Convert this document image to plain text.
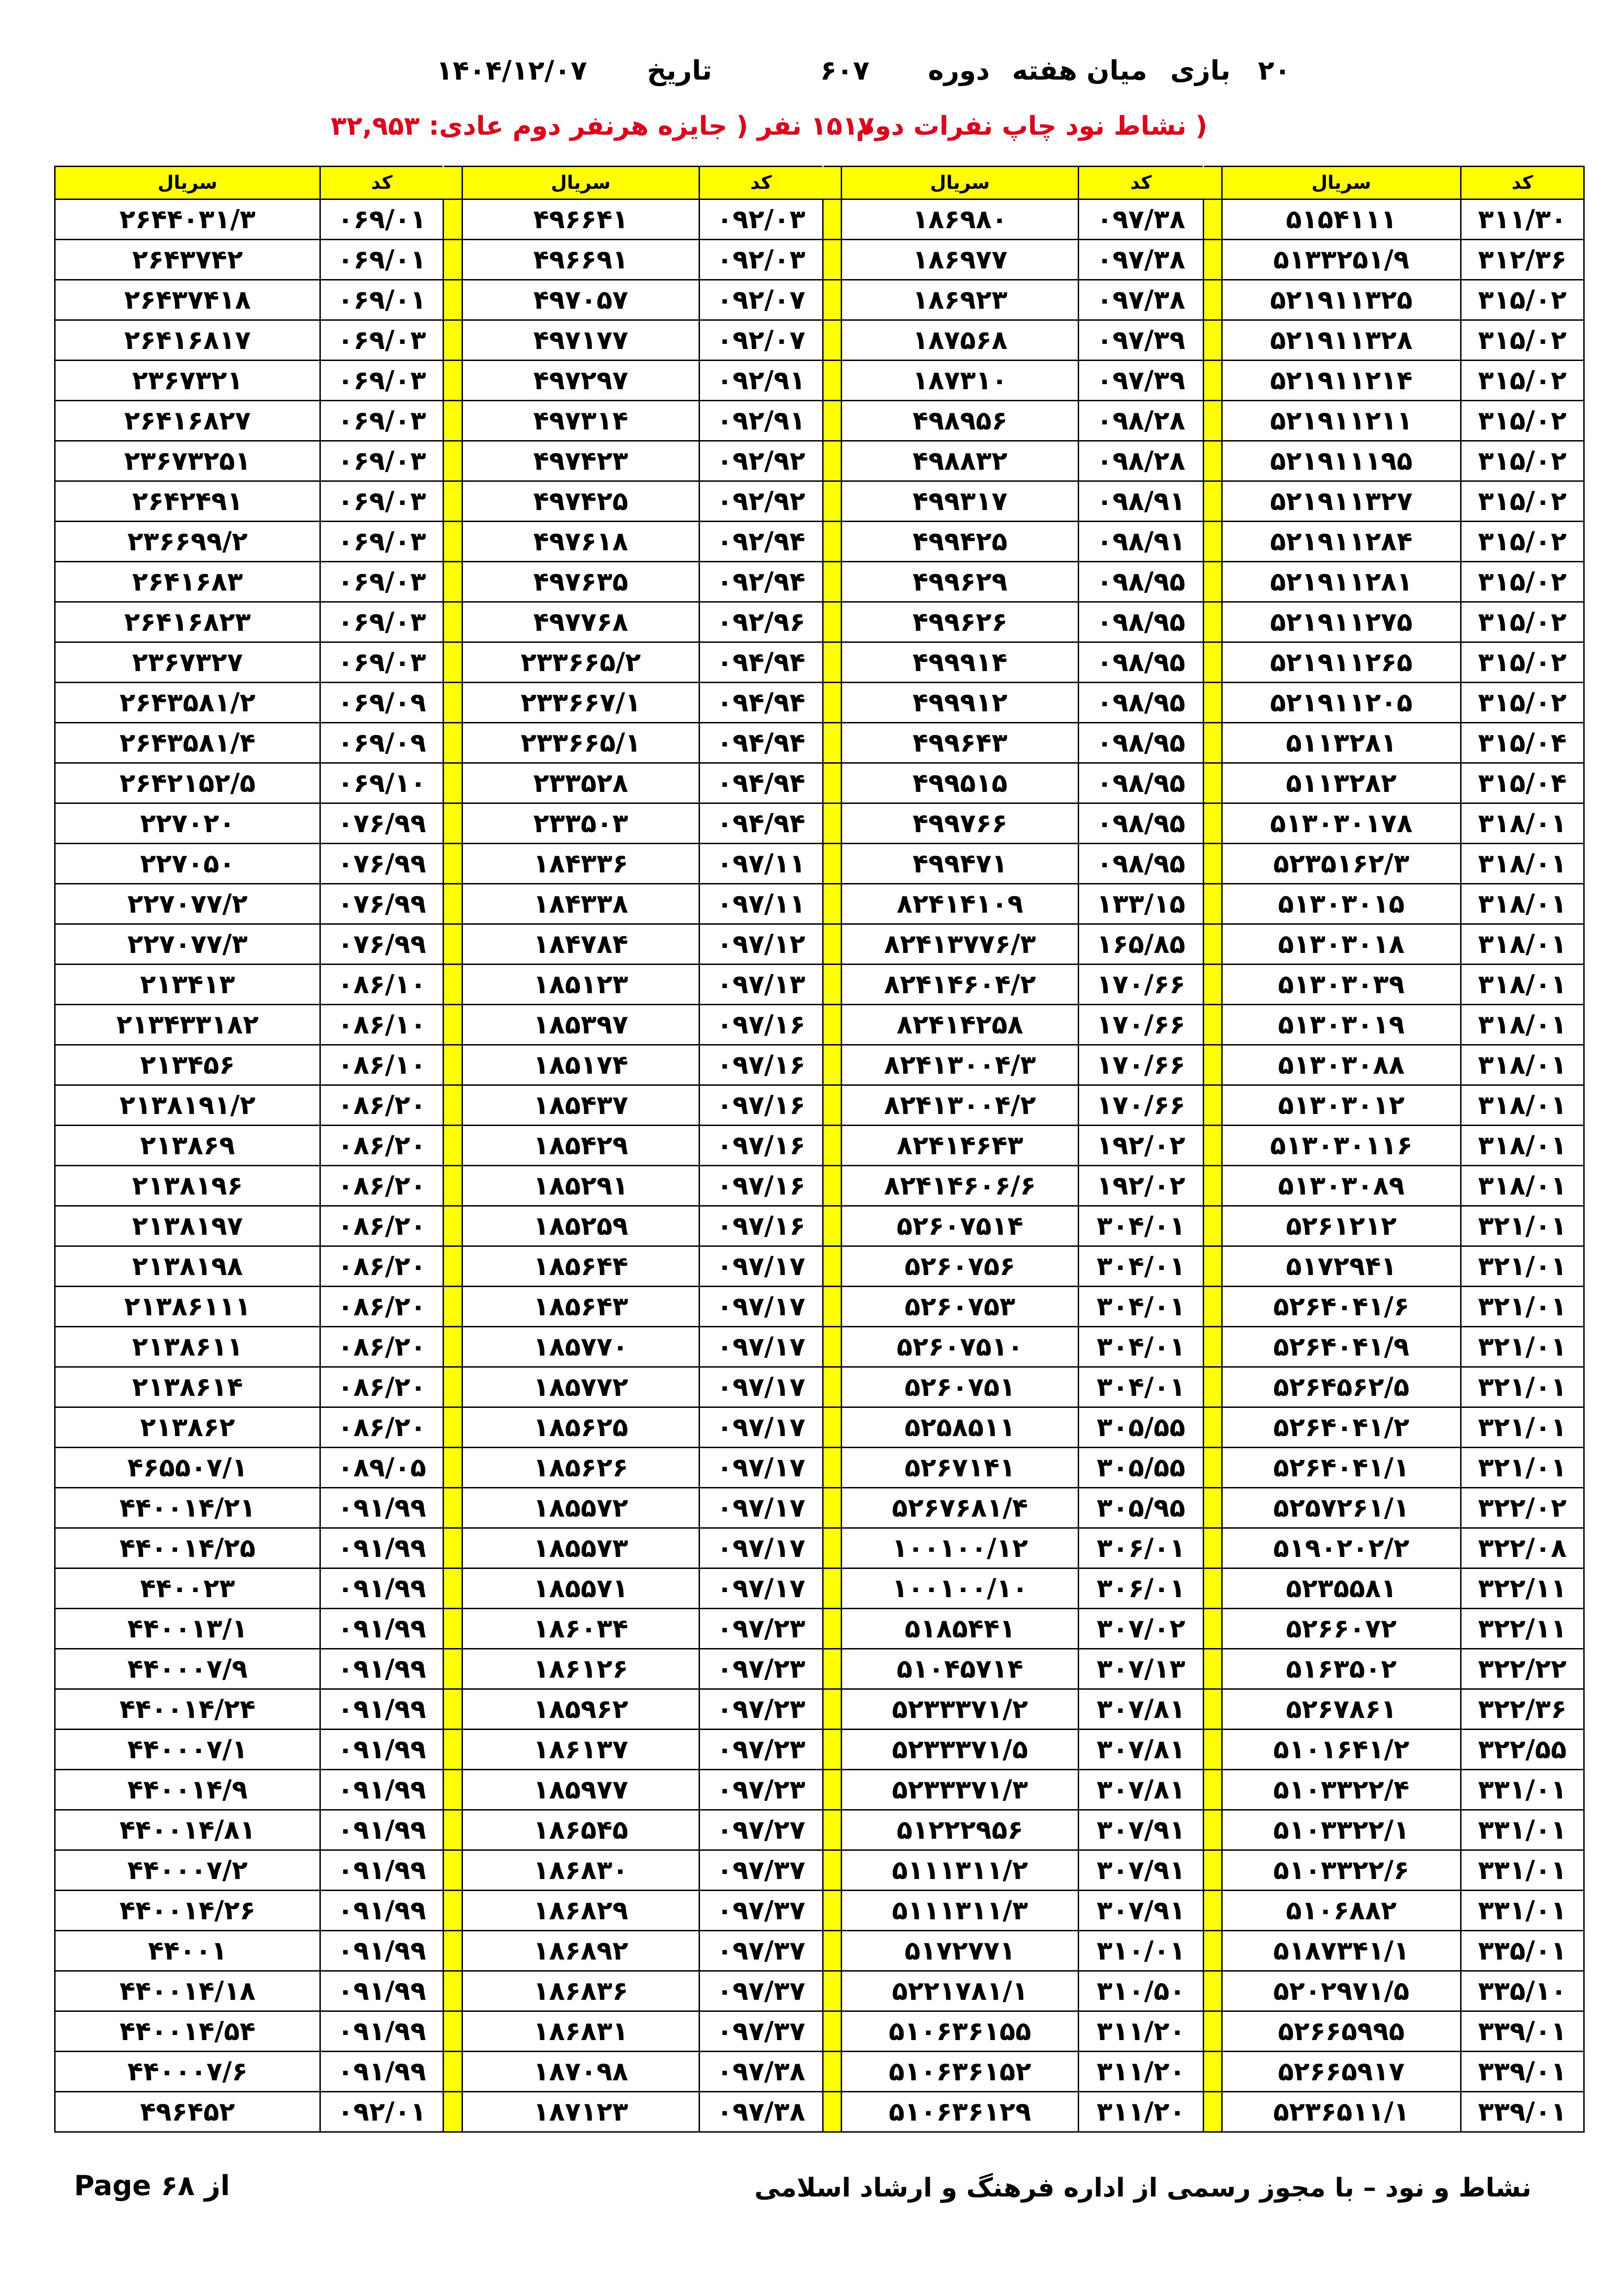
۲۰
بازی
میان هفته
دوره
۶۰۷
تاریخ
۱۴۰۴/۱۲/۰۷
( نشاط نود چاپ نفرات دوم
۱۵۱۷ نفر ( جایزه هرنفر دوم عادی: ۳۲,۹۵۳
کد	سریال		کد	سریال		کد	سریال		کد	سریال
۳۱۱/۳۰	۵۱۵۴۱۱۱		۰۹۷/۳۸	۱۸۶۹۸۰		۰۹۲/۰۳	۴۹۶۶۴۱		۰۶۹/۰۱	۲۶۴۴۰۳۱/۳
۳۱۲/۳۶	۵۱۳۳۲۵۱/۹		۰۹۷/۳۸	۱۸۶۹۷۷		۰۹۲/۰۳	۴۹۶۶۹۱		۰۶۹/۰۱	۲۶۴۳۷۴۲
۳۱۵/۰۲	۵۲۱۹۱۱۳۲۵		۰۹۷/۳۸	۱۸۶۹۲۳		۰۹۲/۰۷	۴۹۷۰۵۷		۰۶۹/۰۱	۲۶۴۳۷۴۱۸
۳۱۵/۰۲	۵۲۱۹۱۱۳۲۸		۰۹۷/۳۹	۱۸۷۵۶۸		۰۹۲/۰۷	۴۹۷۱۷۷		۰۶۹/۰۳	۲۶۴۱۶۸۱۷
۳۱۵/۰۲	۵۲۱۹۱۱۲۱۴		۰۹۷/۳۹	۱۸۷۳۱۰		۰۹۲/۹۱	۴۹۷۲۹۷		۰۶۹/۰۳	۲۳۶۷۳۲۱
۳۱۵/۰۲	۵۲۱۹۱۱۲۱۱		۰۹۸/۲۸	۴۹۸۹۵۶		۰۹۲/۹۱	۴۹۷۳۱۴		۰۶۹/۰۳	۲۶۴۱۶۸۲۷
۳۱۵/۰۲	۵۲۱۹۱۱۱۹۵		۰۹۸/۲۸	۴۹۸۸۳۲		۰۹۲/۹۲	۴۹۷۴۲۳		۰۶۹/۰۳	۲۳۶۷۳۲۵۱
۳۱۵/۰۲	۵۲۱۹۱۱۳۲۷		۰۹۸/۹۱	۴۹۹۳۱۷		۰۹۲/۹۲	۴۹۷۴۲۵		۰۶۹/۰۳	۲۶۴۲۴۹۱
۳۱۵/۰۲	۵۲۱۹۱۱۲۸۴		۰۹۸/۹۱	۴۹۹۴۲۵		۰۹۲/۹۴	۴۹۷۶۱۸		۰۶۹/۰۳	۲۳۶۶۹۹/۲
۳۱۵/۰۲	۵۲۱۹۱۱۲۸۱		۰۹۸/۹۵	۴۹۹۶۲۹		۰۹۲/۹۴	۴۹۷۶۳۵		۰۶۹/۰۳	۲۶۴۱۶۸۳
۳۱۵/۰۲	۵۲۱۹۱۱۲۷۵		۰۹۸/۹۵	۴۹۹۶۲۶		۰۹۲/۹۶	۴۹۷۷۶۸		۰۶۹/۰۳	۲۶۴۱۶۸۲۳
۳۱۵/۰۲	۵۲۱۹۱۱۲۶۵		۰۹۸/۹۵	۴۹۹۹۱۴		۰۹۴/۹۴	۲۳۳۶۶۵/۲		۰۶۹/۰۳	۲۳۶۷۳۲۷
۳۱۵/۰۲	۵۲۱۹۱۱۲۰۵		۰۹۸/۹۵	۴۹۹۹۱۲		۰۹۴/۹۴	۲۳۳۶۶۷/۱		۰۶۹/۰۹	۲۶۴۳۵۸۱/۲
۳۱۵/۰۴	۵۱۱۳۲۸۱		۰۹۸/۹۵	۴۹۹۶۴۳		۰۹۴/۹۴	۲۳۳۶۶۵/۱		۰۶۹/۰۹	۲۶۴۳۵۸۱/۴
۳۱۵/۰۴	۵۱۱۳۲۸۲		۰۹۸/۹۵	۴۹۹۵۱۵		۰۹۴/۹۴	۲۳۳۵۲۸		۰۶۹/۱۰	۲۶۴۲۱۵۲/۵
۳۱۸/۰۱	۵۱۳۰۳۰۱۷۸		۰۹۸/۹۵	۴۹۹۷۶۶		۰۹۴/۹۴	۲۳۳۵۰۳		۰۷۶/۹۹	۲۲۷۰۲۰
۳۱۸/۰۱	۵۲۳۵۱۶۲/۳		۰۹۸/۹۵	۴۹۹۴۷۱		۰۹۷/۱۱	۱۸۴۳۳۶		۰۷۶/۹۹	۲۲۷۰۵۰
۳۱۸/۰۱	۵۱۳۰۳۰۱۵		۱۳۳/۱۵	۸۲۴۱۴۱۰۹		۰۹۷/۱۱	۱۸۴۳۳۸		۰۷۶/۹۹	۲۲۷۰۷۷/۲
۳۱۸/۰۱	۵۱۳۰۳۰۱۸		۱۶۵/۸۵	۸۲۴۱۳۷۷۶/۳		۰۹۷/۱۲	۱۸۴۷۸۴		۰۷۶/۹۹	۲۲۷۰۷۷/۳
۳۱۸/۰۱	۵۱۳۰۳۰۳۹		۱۷۰/۶۶	۸۲۴۱۴۶۰۴/۲		۰۹۷/۱۳	۱۸۵۱۲۳		۰۸۶/۱۰	۲۱۳۴۱۳
۳۱۸/۰۱	۵۱۳۰۳۰۱۹		۱۷۰/۶۶	۸۲۴۱۴۲۵۸		۰۹۷/۱۶	۱۸۵۳۹۷		۰۸۶/۱۰	۲۱۳۴۳۳۱۸۲
۳۱۸/۰۱	۵۱۳۰۳۰۸۸		۱۷۰/۶۶	۸۲۴۱۳۰۰۴/۳		۰۹۷/۱۶	۱۸۵۱۷۴		۰۸۶/۱۰	۲۱۳۴۵۶
۳۱۸/۰۱	۵۱۳۰۳۰۱۲		۱۷۰/۶۶	۸۲۴۱۳۰۰۴/۲		۰۹۷/۱۶	۱۸۵۴۳۷		۰۸۶/۲۰	۲۱۳۸۱۹۱/۲
۳۱۸/۰۱	۵۱۳۰۳۰۱۱۶		۱۹۲/۰۲	۸۲۴۱۴۶۴۳		۰۹۷/۱۶	۱۸۵۴۲۹		۰۸۶/۲۰	۲۱۳۸۶۹
۳۱۸/۰۱	۵۱۳۰۳۰۸۹		۱۹۲/۰۲	۸۲۴۱۴۶۰۶/۶		۰۹۷/۱۶	۱۸۵۲۹۱		۰۸۶/۲۰	۲۱۳۸۱۹۶
۳۲۱/۰۱	۵۲۶۱۲۱۲		۳۰۴/۰۱	۵۲۶۰۷۵۱۴		۰۹۷/۱۶	۱۸۵۲۵۹		۰۸۶/۲۰	۲۱۳۸۱۹۷
۳۲۱/۰۱	۵۱۷۲۹۴۱		۳۰۴/۰۱	۵۲۶۰۷۵۶		۰۹۷/۱۷	۱۸۵۶۴۴		۰۸۶/۲۰	۲۱۳۸۱۹۸
۳۲۱/۰۱	۵۲۶۴۰۴۱/۶		۳۰۴/۰۱	۵۲۶۰۷۵۳		۰۹۷/۱۷	۱۸۵۶۴۳		۰۸۶/۲۰	۲۱۳۸۶۱۱۱
۳۲۱/۰۱	۵۲۶۴۰۴۱/۹		۳۰۴/۰۱	۵۲۶۰۷۵۱۰		۰۹۷/۱۷	۱۸۵۷۷۰		۰۸۶/۲۰	۲۱۳۸۶۱۱
۳۲۱/۰۱	۵۲۶۴۵۶۲/۵		۳۰۴/۰۱	۵۲۶۰۷۵۱		۰۹۷/۱۷	۱۸۵۷۷۲		۰۸۶/۲۰	۲۱۳۸۶۱۴
۳۲۱/۰۱	۵۲۶۴۰۴۱/۲		۳۰۵/۵۵	۵۲۵۸۵۱۱		۰۹۷/۱۷	۱۸۵۶۲۵		۰۸۶/۲۰	۲۱۳۸۶۲
۳۲۱/۰۱	۵۲۶۴۰۴۱/۱		۳۰۵/۵۵	۵۲۶۷۱۴۱		۰۹۷/۱۷	۱۸۵۶۲۶		۰۸۹/۰۵	۴۶۵۵۰۷/۱
۳۲۲/۰۲	۵۲۵۷۲۶۱/۱		۳۰۵/۹۵	۵۲۶۷۶۸۱/۴		۰۹۷/۱۷	۱۸۵۵۷۲		۰۹۱/۹۹	۴۴۰۰۱۴/۲۱
۳۲۲/۰۸	۵۱۹۰۲۰۲/۲		۳۰۶/۰۱	۱۰۰۱۰۰/۱۲		۰۹۷/۱۷	۱۸۵۵۷۳		۰۹۱/۹۹	۴۴۰۰۱۴/۲۵
۳۲۲/۱۱	۵۲۳۵۵۸۱		۳۰۶/۰۱	۱۰۰۱۰۰/۱۰		۰۹۷/۱۷	۱۸۵۵۷۱		۰۹۱/۹۹	۴۴۰۰۲۳
۳۲۲/۱۱	۵۲۶۶۰۷۲		۳۰۷/۰۲	۵۱۸۵۴۴۱		۰۹۷/۲۳	۱۸۶۰۳۴		۰۹۱/۹۹	۴۴۰۰۱۳/۱
۳۲۲/۲۲	۵۱۶۳۵۰۲		۳۰۷/۱۳	۵۱۰۴۵۷۱۴		۰۹۷/۲۳	۱۸۶۱۲۶		۰۹۱/۹۹	۴۴۰۰۰۷/۹
۳۲۲/۳۶	۵۲۶۷۸۶۱		۳۰۷/۸۱	۵۲۳۳۳۷۱/۲		۰۹۷/۲۳	۱۸۵۹۶۲		۰۹۱/۹۹	۴۴۰۰۱۴/۲۴
۳۲۲/۵۵	۵۱۰۱۶۴۱/۲		۳۰۷/۸۱	۵۲۳۳۳۷۱/۵		۰۹۷/۲۳	۱۸۶۱۳۷		۰۹۱/۹۹	۴۴۰۰۰۷/۱
۳۳۱/۰۱	۵۱۰۳۳۲۲/۴		۳۰۷/۸۱	۵۲۳۳۳۷۱/۳		۰۹۷/۲۳	۱۸۵۹۷۷		۰۹۱/۹۹	۴۴۰۰۱۴/۹
۳۳۱/۰۱	۵۱۰۳۳۲۲/۱		۳۰۷/۹۱	۵۱۲۲۲۹۵۶		۰۹۷/۲۷	۱۸۶۵۴۵		۰۹۱/۹۹	۴۴۰۰۱۴/۸۱
۳۳۱/۰۱	۵۱۰۳۳۲۲/۶		۳۰۷/۹۱	۵۱۱۱۳۱۱/۲		۰۹۷/۳۷	۱۸۶۸۳۰		۰۹۱/۹۹	۴۴۰۰۰۷/۲
۳۳۱/۰۱	۵۱۰۶۸۸۲		۳۰۷/۹۱	۵۱۱۱۳۱۱/۳		۰۹۷/۳۷	۱۸۶۸۲۹		۰۹۱/۹۹	۴۴۰۰۱۴/۲۶
۳۳۵/۰۱	۵۱۸۷۳۴۱/۱		۳۱۰/۰۱	۵۱۷۲۷۷۱		۰۹۷/۳۷	۱۸۶۸۹۲		۰۹۱/۹۹	۴۴۰۰۱
۳۳۵/۱۰	۵۲۰۲۹۷۱/۵		۳۱۰/۵۰	۵۲۲۱۷۸۱/۱		۰۹۷/۳۷	۱۸۶۸۳۶		۰۹۱/۹۹	۴۴۰۰۱۴/۱۸
۳۳۹/۰۱	۵۲۶۶۵۹۹۵		۳۱۱/۲۰	۵۱۰۶۳۶۱۵۵		۰۹۷/۳۷	۱۸۶۸۳۱		۰۹۱/۹۹	۴۴۰۰۱۴/۵۴
۳۳۹/۰۱	۵۲۶۶۵۹۱۷		۳۱۱/۲۰	۵۱۰۶۳۶۱۵۲		۰۹۷/۳۸	۱۸۷۰۹۸		۰۹۱/۹۹	۴۴۰۰۰۷/۶
۳۳۹/۰۱	۵۲۳۶۵۱۱/۱		۳۱۱/۲۰	۵۱۰۶۳۶۱۲۹		۰۹۷/۳۸	۱۸۷۱۲۳		۰۹۲/۰۱	۴۹۶۴۵۲
نشاط و نود – با مجوز رسمی از اداره فرهنگ و ارشاد اسلامی
Page ۶۸ از
